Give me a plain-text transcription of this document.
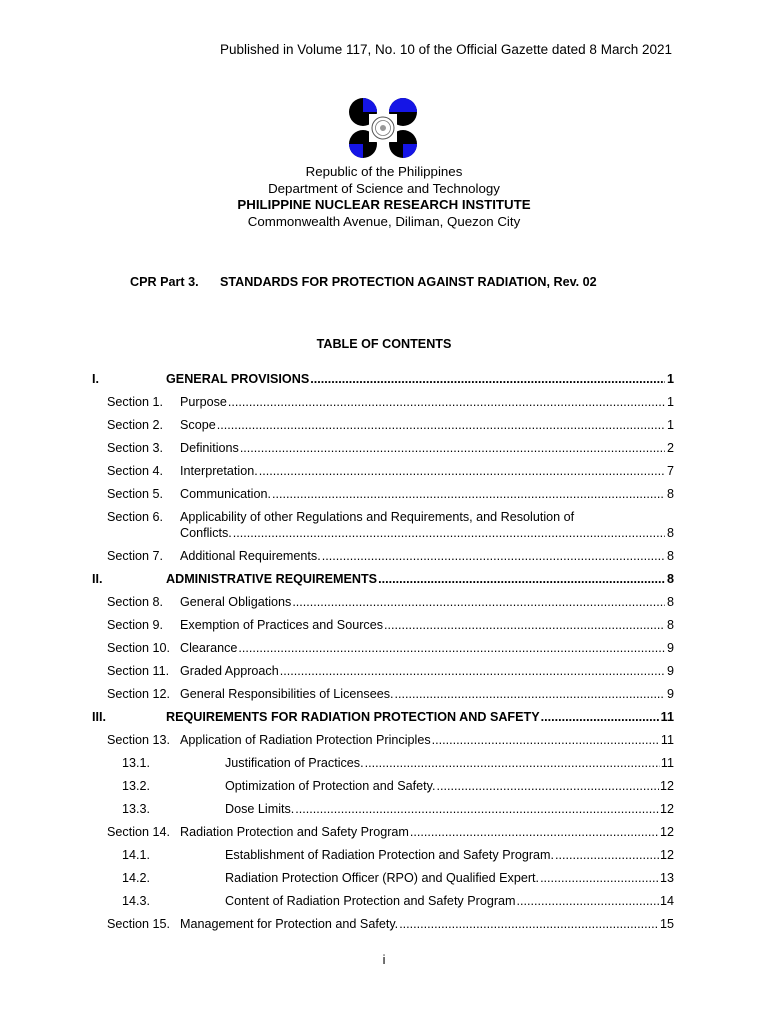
Published in Volume 117, No. 10 of the Official Gazette dated 8 March 2021
Republic of the Philippines
Department of Science and Technology
PHILIPPINE NUCLEAR RESEARCH INSTITUTE
Commonwealth Avenue, Diliman, Quezon City
CPR Part 3. STANDARDS FOR PROTECTION AGAINST RADIATION, Rev. 02
TABLE OF CONTENTS
I.	GENERAL PROVISIONS .....	1
Section 1.	Purpose .....	1
Section 2.	Scope .....	1
Section 3.	Definitions .....	2
Section 4.	Interpretation. .....	7
Section 5.	Communication. .....	8
Section 6.	Applicability of other Regulations and Requirements, and Resolution of
Conflicts. .....	8
Section 7.	Additional Requirements. .....	8
II.	ADMINISTRATIVE REQUIREMENTS .....	8
Section 8.	General Obligations .....	8
Section 9.	Exemption of Practices and Sources .....	8
Section 10. Clearance .....	9
Section 11. Graded Approach .....	9
Section 12. General Responsibilities of Licensees. .....	9
III.	REQUIREMENTS FOR RADIATION PROTECTION AND SAFETY .....	11
Section 13. Application of Radiation Protection Principles .....	11
13.1.	Justification of Practices. .....	11
13.2.	Optimization of Protection and Safety. .....	12
13.3.	Dose Limits. .....	12
Section 14. Radiation Protection and Safety Program .....	12
14.1.	Establishment of Radiation Protection and Safety Program. .....	12
14.2.	Radiation Protection Officer (RPO) and Qualified Expert. .....	13
14.3.	Content of Radiation Protection and Safety Program .....	14
Section 15. Management for Protection and Safety. .....	15
i
